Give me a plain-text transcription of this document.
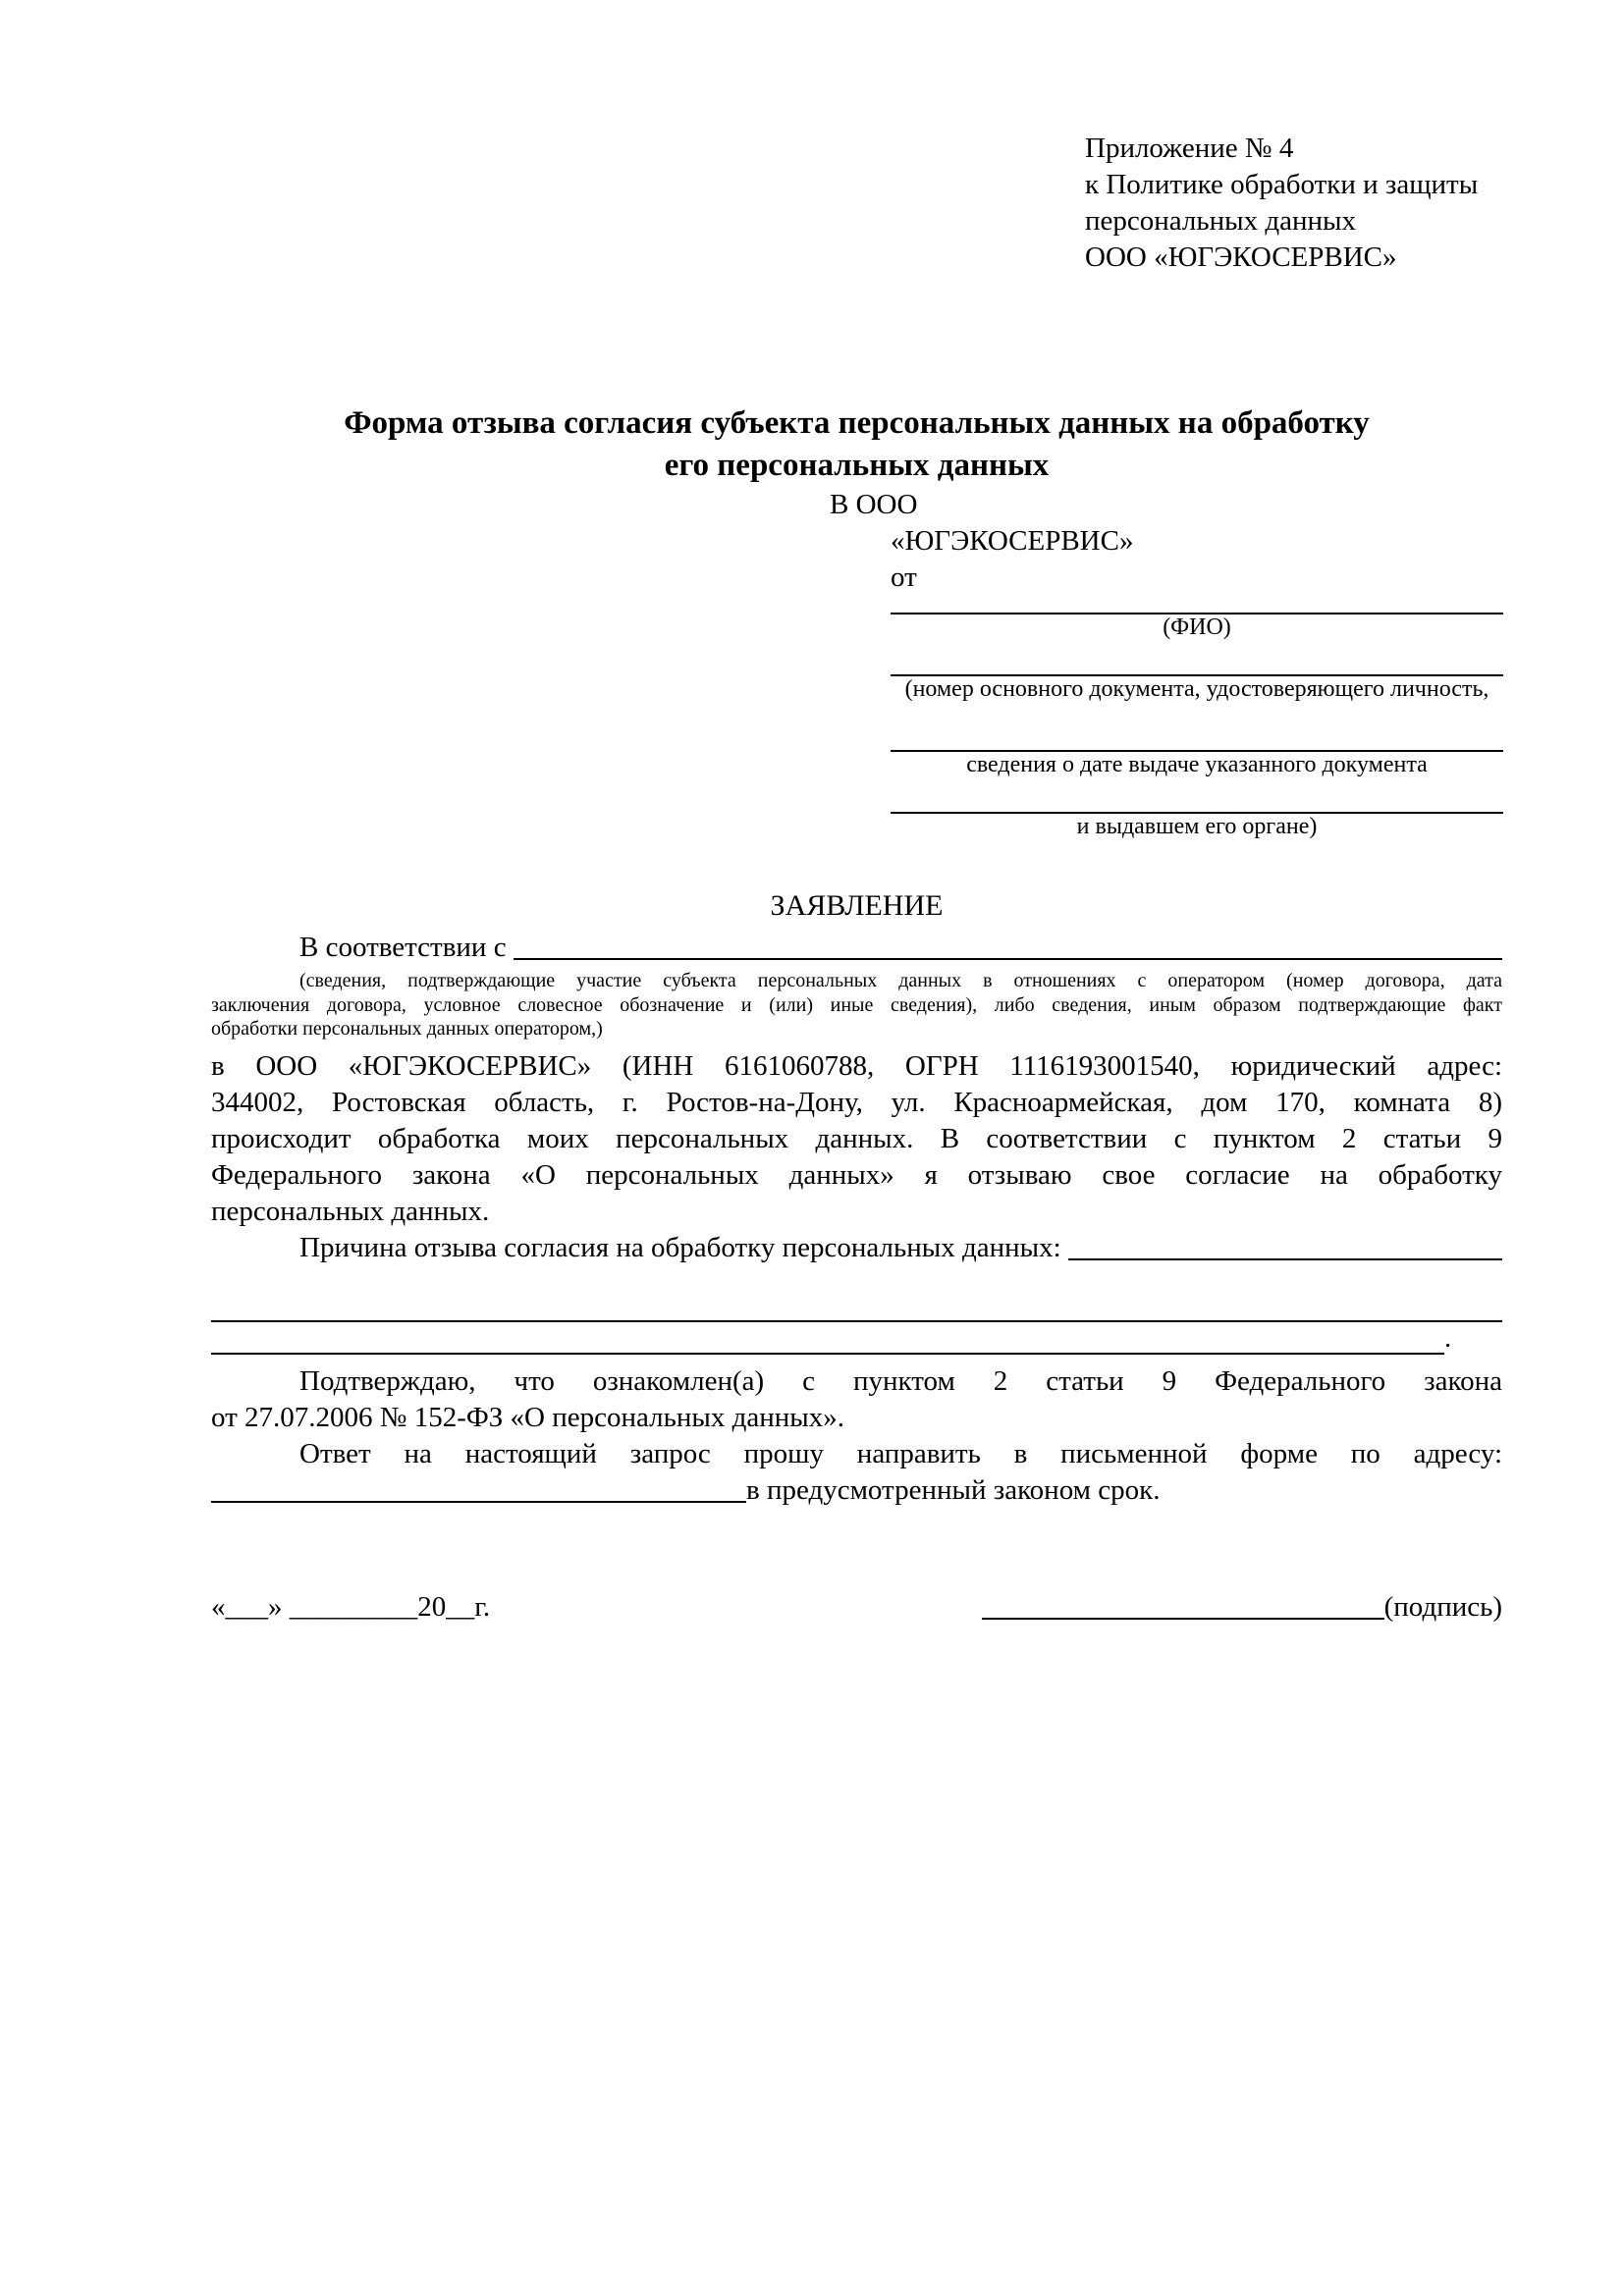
Приложение № 4
к Политике обработки и защиты
персональных данных
ООО «ЮГЭКОСЕРВИС»
Форма отзыва согласия субъекта персональных данных на обработку
его персональных данных
В ООО
«ЮГЭКОСЕРВИС»
от
(ФИО)
(номер основного документа, удостоверяющего личность,
сведения о дате выдаче указанного документа
и выдавшем его органе)
ЗАЯВЛЕНИЕ
В соответствии с
(сведения, подтверждающие участие субъекта персональных данных в отношениях с оператором (номер договора, дата
заключения договора, условное словесное обозначение и (или) иные сведения), либо сведения, иным образом подтверждающие факт
обработки персональных данных оператором,)
в ООО «ЮГЭКОСЕРВИС» (ИНН 6161060788, ОГРН 1116193001540, юридический адрес:
344002, Ростовская область, г. Ростов-на-Дону, ул. Красноармейская, дом 170, комната 8)
происходит обработка моих персональных данных. В соответствии с пунктом 2 статьи 9
Федерального закона «О персональных данных» я отзываю свое согласие на обработку
персональных данных.
Причина отзыва согласия на обработку персональных данных:
.
Подтверждаю, что ознакомлен(а) с пунктом 2 статьи 9 Федерального закона
от 27.07.2006 № 152-ФЗ «О персональных данных».
Ответ на настоящий запрос прошу направить в письменной форме по адресу:
в предусмотренный законом срок.
«___» _________20__г.	(подпись)
